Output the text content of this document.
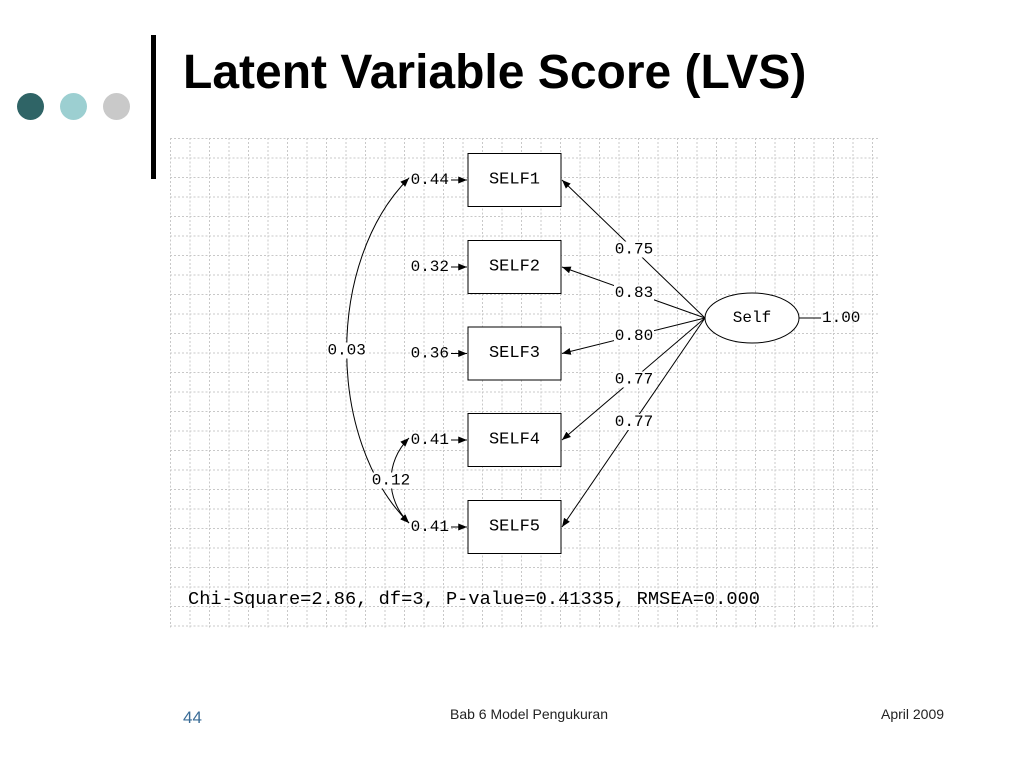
Latent Variable Score (LVS)
0.75
0.83
0.80
0.77
0.77
0.44 SELF1
0.32 SELF2
0.36 SELF3
0.41 SELF4
0.41 SELF5
0.03
0.12
1.00
Self
Chi-Square=2.86, df=3, P-value=0.41335, RMSEA=0.000
44	Bab 6 Model Pengukuran	April 2009
